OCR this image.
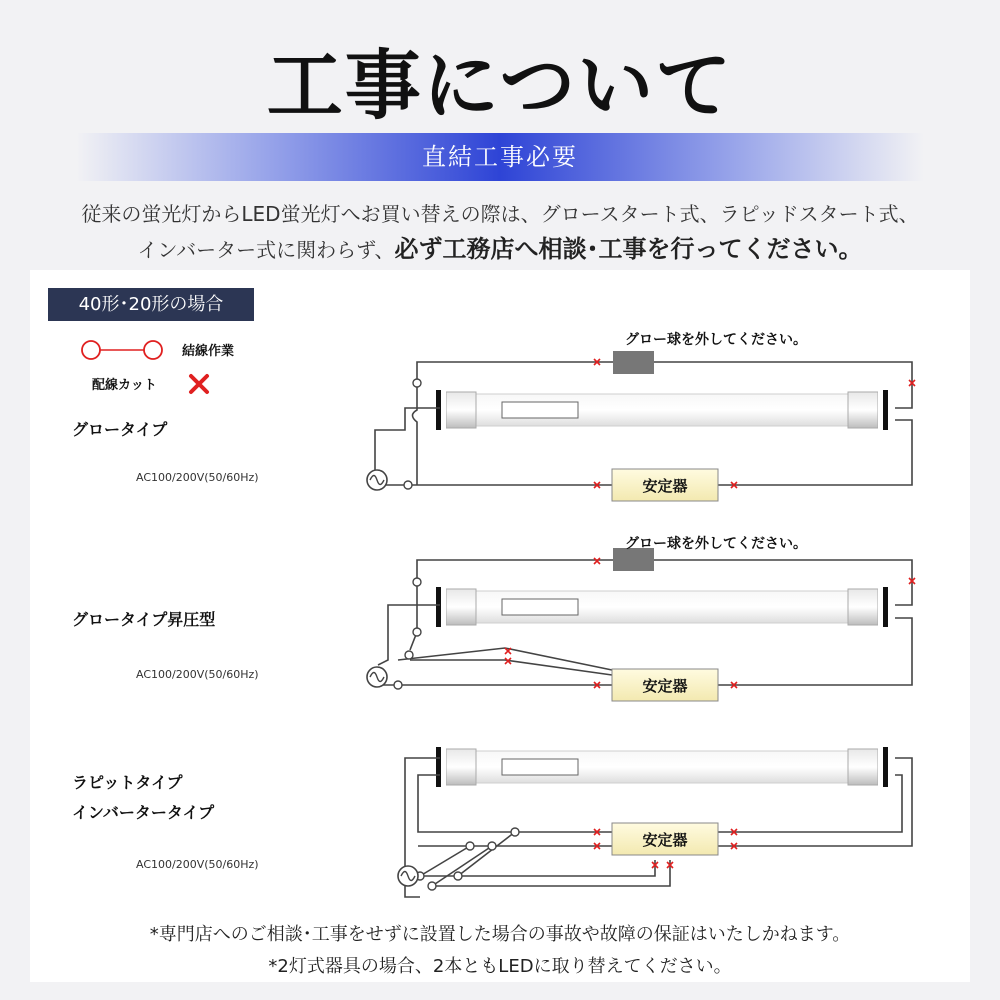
工事について
直結工事必要
従来の蛍光灯からLED蛍光灯へお買い替えの際は、グロースタート式、ラピッドスタート式、
インバーター式に関わらず、必ず工務店へ相談･工事を行ってください。
40形･20形の場合
結線作業
配線カット
グロータイプ
AC100/200V(50/60Hz)
グロー球を外してください。
安定器
グロータイプ昇圧型
AC100/200V(50/60Hz)
グロー球を外してください。
安定器
ラピットタイプ
インバータータイプ
AC100/200V(50/60Hz)
安定器
*専門店へのご相談･工事をせずに設置した場合の事故や故障の保証はいたしかねます。
*2灯式器具の場合、2本ともLEDに取り替えてください。
